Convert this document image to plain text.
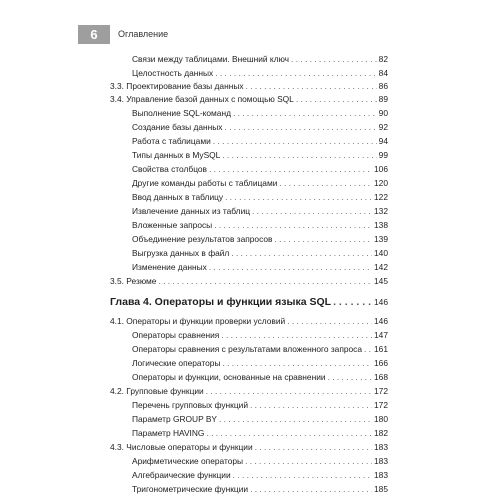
6	Оглавление
Связи между таблицами. Внешний ключ . . .	82
Целостность данных . . .	84
3.3. Проектирование базы данных . . .	86
3.4. Управление базой данных с помощью SQL . . .	89
Выполнение SQL-команд . . .	90
Создание базы данных . . .	92
Работа с таблицами . . .	94
Типы данных в MySQL . . .	99
Свойства столбцов . . .	106
Другие команды работы с таблицами . . .	120
Ввод данных в таблицу . . .	122
Извлечение данных из таблиц . . .	132
Вложенные запросы . . .	138
Объединение результатов запросов . . .	139
Выгрузка данных в файл . . .	140
Изменение данных . . .	142
3.5. Резюме . . .	145
Глава 4. Операторы и функции языка SQL . . .	146
4.1. Операторы и функции проверки условий . . .	146
Операторы сравнения . . .	147
Операторы сравнения с результатами вложенного запроса . . . 161
Логические операторы . . .	166
Операторы и функции, основанные на сравнении . . .	168
4.2. Групповые функции . . .	172
Перечень групповых функций . . .	172
Параметр GROUP BY . . .	180
Параметр HAVING . . .	182
4.3. Числовые операторы и функции . . .	183
Арифметические операторы . . .	183
Алгебраические функции . . .	183
Тригонометрические функции . . .	185
